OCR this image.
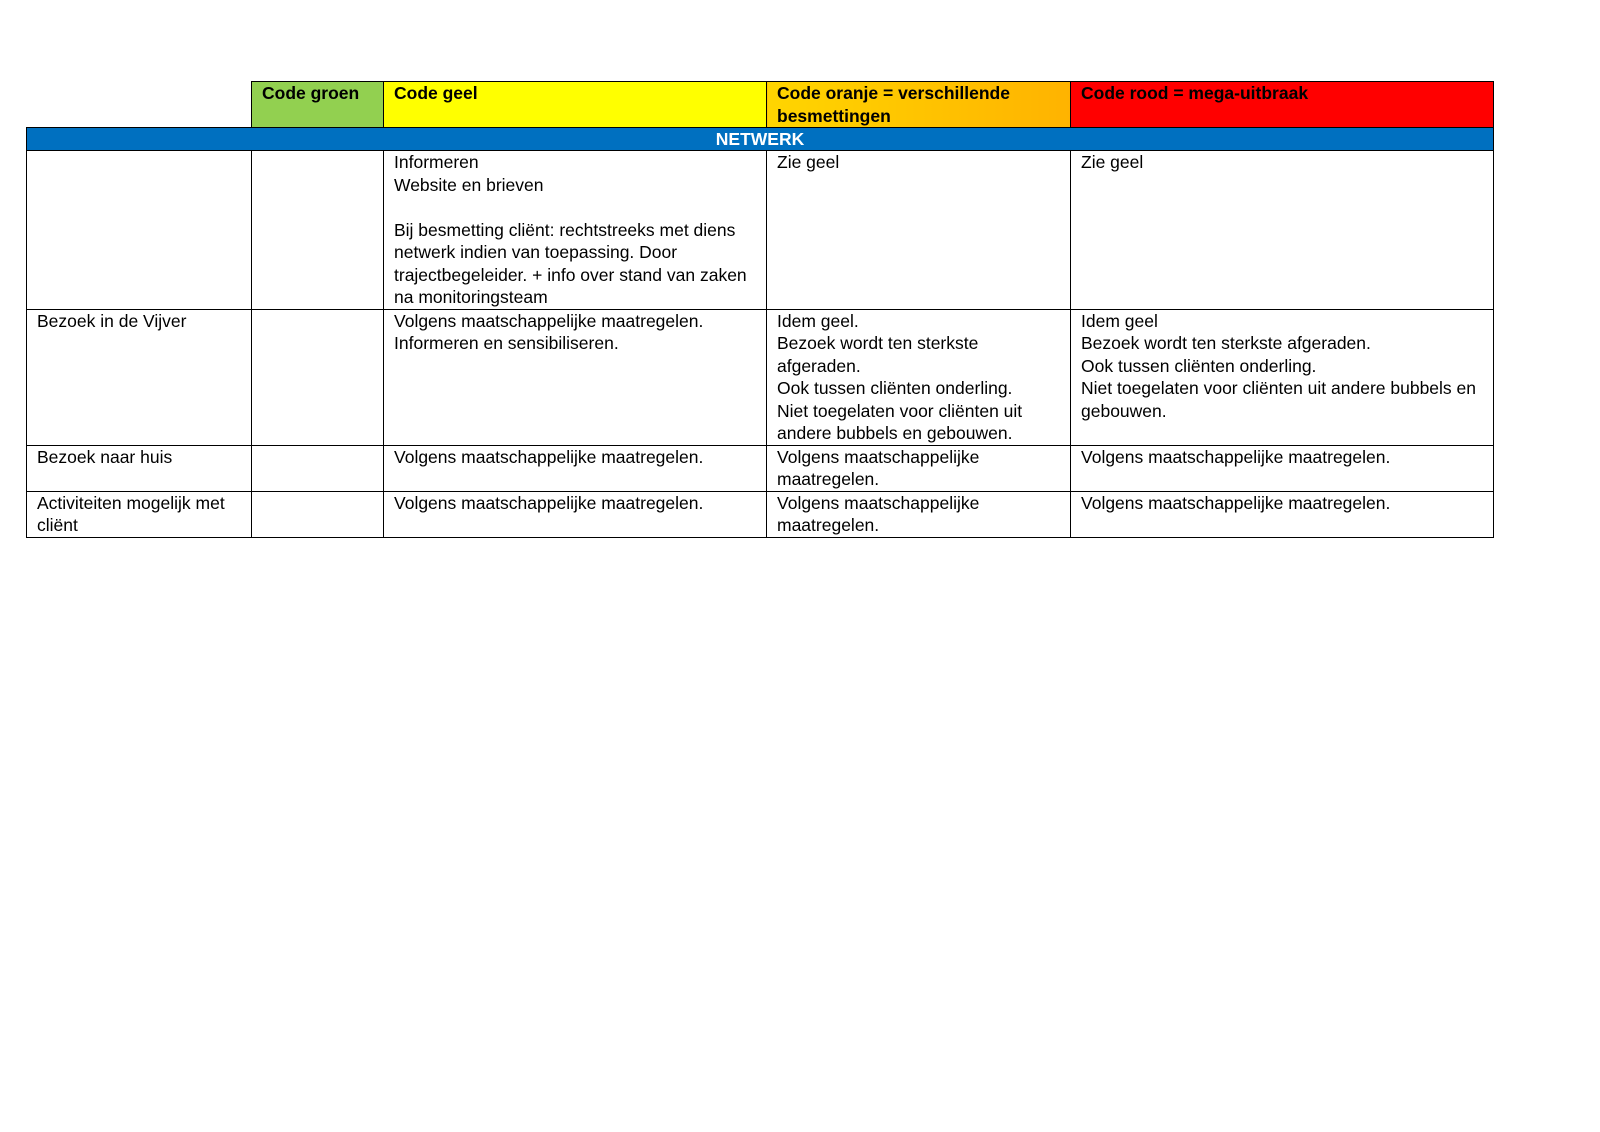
	Code groen	Code geel	Code oranje = verschillende besmettingen	Code rood = mega-uitbraak
NETWERK				

		Informeren
Website en brieven
Bij besmetting cliënt: rechtstreeks met diens netwerk indien van toepassing. Door trajectbegeleider. + info over stand van zaken na monitoringsteam	Zie geel	Zie geel

Bezoek in de Vijver		Volgens maatschappelijke maatregelen.
Informeren en sensibiliseren.	Idem geel.
Bezoek wordt ten sterkste afgeraden.
Ook tussen cliënten onderling.
Niet toegelaten voor cliënten uit andere bubbels en gebouwen.	Idem geel
Bezoek wordt ten sterkste afgeraden.
Ook tussen cliënten onderling.
Niet toegelaten voor cliënten uit andere bubbels en gebouwen.

Bezoek naar huis		Volgens maatschappelijke maatregelen.	Volgens maatschappelijke maatregelen.	Volgens maatschappelijke maatregelen.

Activiteiten mogelijk met cliënt		Volgens maatschappelijke maatregelen.	Volgens maatschappelijke maatregelen.	Volgens maatschappelijke maatregelen.
